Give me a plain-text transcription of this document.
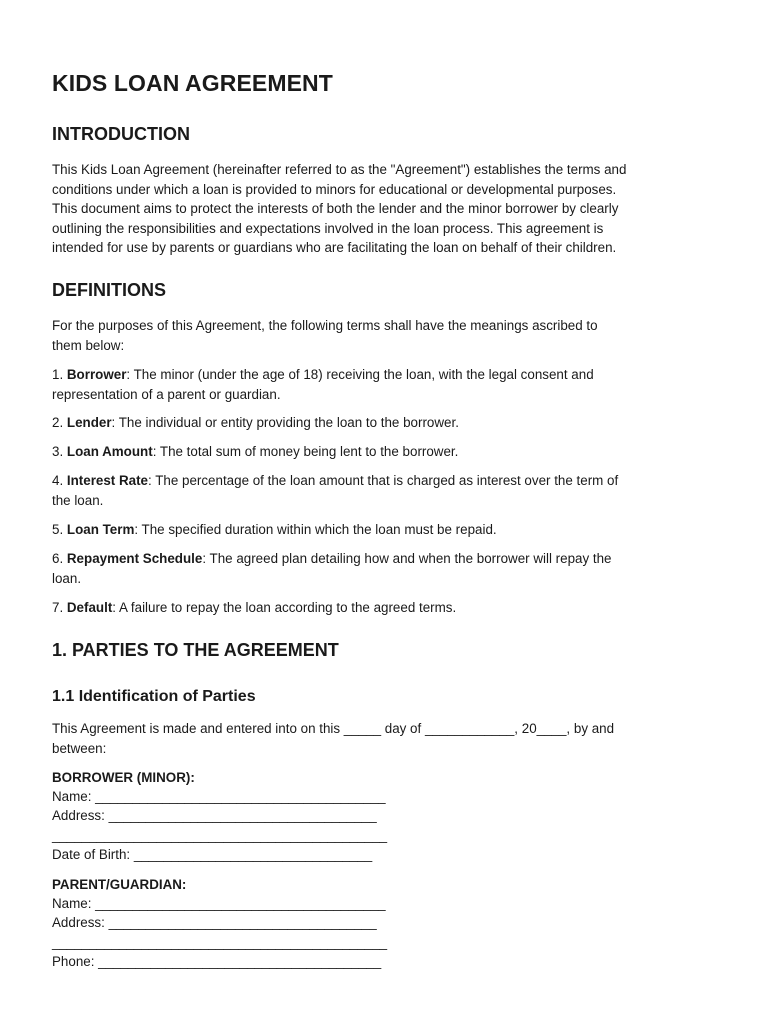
KIDS LOAN AGREEMENT
INTRODUCTION
This Kids Loan Agreement (hereinafter referred to as the "Agreement") establishes the terms and
conditions under which a loan is provided to minors for educational or developmental purposes.
This document aims to protect the interests of both the lender and the minor borrower by clearly
outlining the responsibilities and expectations involved in the loan process. This agreement is
intended for use by parents or guardians who are facilitating the loan on behalf of their children.
DEFINITIONS
For the purposes of this Agreement, the following terms shall have the meanings ascribed to
them below:
1. Borrower: The minor (under the age of 18) receiving the loan, with the legal consent and
representation of a parent or guardian.
2. Lender: The individual or entity providing the loan to the borrower.
3. Loan Amount: The total sum of money being lent to the borrower.
4. Interest Rate: The percentage of the loan amount that is charged as interest over the term of
the loan.
5. Loan Term: The specified duration within which the loan must be repaid.
6. Repayment Schedule: The agreed plan detailing how and when the borrower will repay the
loan.
7. Default: A failure to repay the loan according to the agreed terms.
1. PARTIES TO THE AGREEMENT
1.1 Identification of Parties
This Agreement is made and entered into on this _____ day of ____________, 20____, by and
between:
BORROWER (MINOR):
Name: _______________________________________
Address: ____________________________________
_____________________________________________
Date of Birth: ________________________________
PARENT/GUARDIAN:
Name: _______________________________________
Address: ____________________________________
_____________________________________________
Phone: ______________________________________
